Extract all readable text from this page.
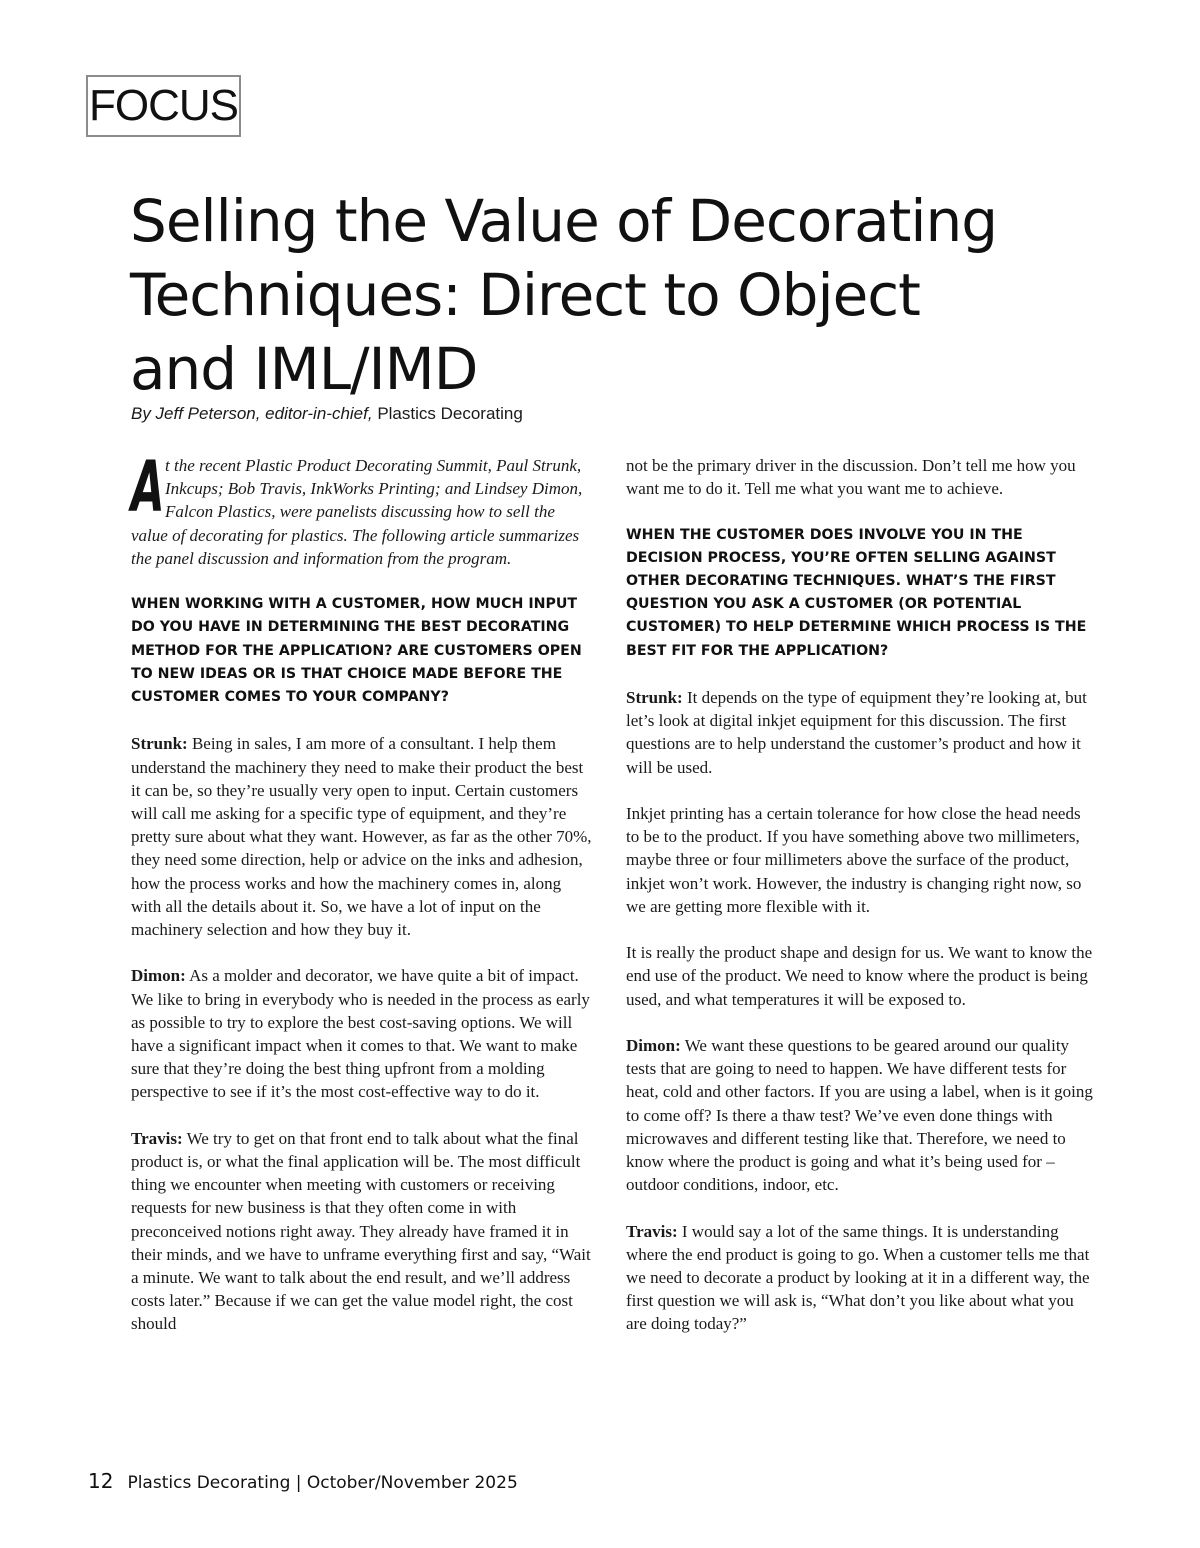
FOCUS
Selling the Value of Decorating Techniques: Direct to Object and IML/IMD

By Jeff Peterson, editor-in-chief, Plastics Decorating

At the recent Plastic Product Decorating Summit, Paul Strunk, Inkcups; Bob Travis, InkWorks Printing; and Lindsey Dimon, Falcon Plastics, were panelists discussing how to sell the value of decorating for plastics. The following article summarizes the panel discussion and information from the program.

WHEN WORKING WITH A CUSTOMER, HOW MUCH INPUT DO YOU HAVE IN DETERMINING THE BEST DECORATING METHOD FOR THE APPLICATION? ARE CUSTOMERS OPEN TO NEW IDEAS OR IS THAT CHOICE MADE BEFORE THE CUSTOMER COMES TO YOUR COMPANY?

Strunk: Being in sales, I am more of a consultant. I help them understand the machinery they need to make their product the best it can be, so they’re usually very open to input. Certain customers will call me asking for a specific type of equipment, and they’re pretty sure about what they want. However, as far as the other 70%, they need some direction, help or advice on the inks and adhesion, how the process works and how the machinery comes in, along with all the details about it. So, we have a lot of input on the machinery selection and how they buy it.

Dimon: As a molder and decorator, we have quite a bit of impact. We like to bring in everybody who is needed in the process as early as possible to try to explore the best cost-saving options. We will have a significant impact when it comes to that. We want to make sure that they’re doing the best thing upfront from a molding perspective to see if it’s the most cost-effective way to do it.

Travis: We try to get on that front end to talk about what the final product is, or what the final application will be. The most difficult thing we encounter when meeting with customers or receiving requests for new business is that they often come in with preconceived notions right away. They already have framed it in their minds, and we have to unframe everything first and say, “Wait a minute. We want to talk about the end result, and we’ll address costs later.” Because if we can get the value model right, the cost should

not be the primary driver in the discussion. Don’t tell me how you want me to do it. Tell me what you want me to achieve.

WHEN THE CUSTOMER DOES INVOLVE YOU IN THE DECISION PROCESS, YOU’RE OFTEN SELLING AGAINST OTHER DECORATING TECHNIQUES. WHAT’S THE FIRST QUESTION YOU ASK A CUSTOMER (OR POTENTIAL CUSTOMER) TO HELP DETERMINE WHICH PROCESS IS THE BEST FIT FOR THE APPLICATION?

Strunk: It depends on the type of equipment they’re looking at, but let’s look at digital inkjet equipment for this discussion. The first questions are to help understand the customer’s product and how it will be used.

Inkjet printing has a certain tolerance for how close the head needs to be to the product. If you have something above two millimeters, maybe three or four millimeters above the surface of the product, inkjet won’t work. However, the industry is changing right now, so we are getting more flexible with it.

It is really the product shape and design for us. We want to know the end use of the product. We need to know where the product is being used, and what temperatures it will be exposed to.

Dimon: We want these questions to be geared around our quality tests that are going to need to happen. We have different tests for heat, cold and other factors. If you are using a label, when is it going to come off? Is there a thaw test? We’ve even done things with microwaves and different testing like that. Therefore, we need to know where the product is going and what it’s being used for – outdoor conditions, indoor, etc.

Travis: I would say a lot of the same things. It is understanding where the end product is going to go. When a customer tells me that we need to decorate a product by looking at it in a different way, the first question we will ask is, “What don’t you like about what you are doing today?”

12 Plastics Decorating | October/November 2025
